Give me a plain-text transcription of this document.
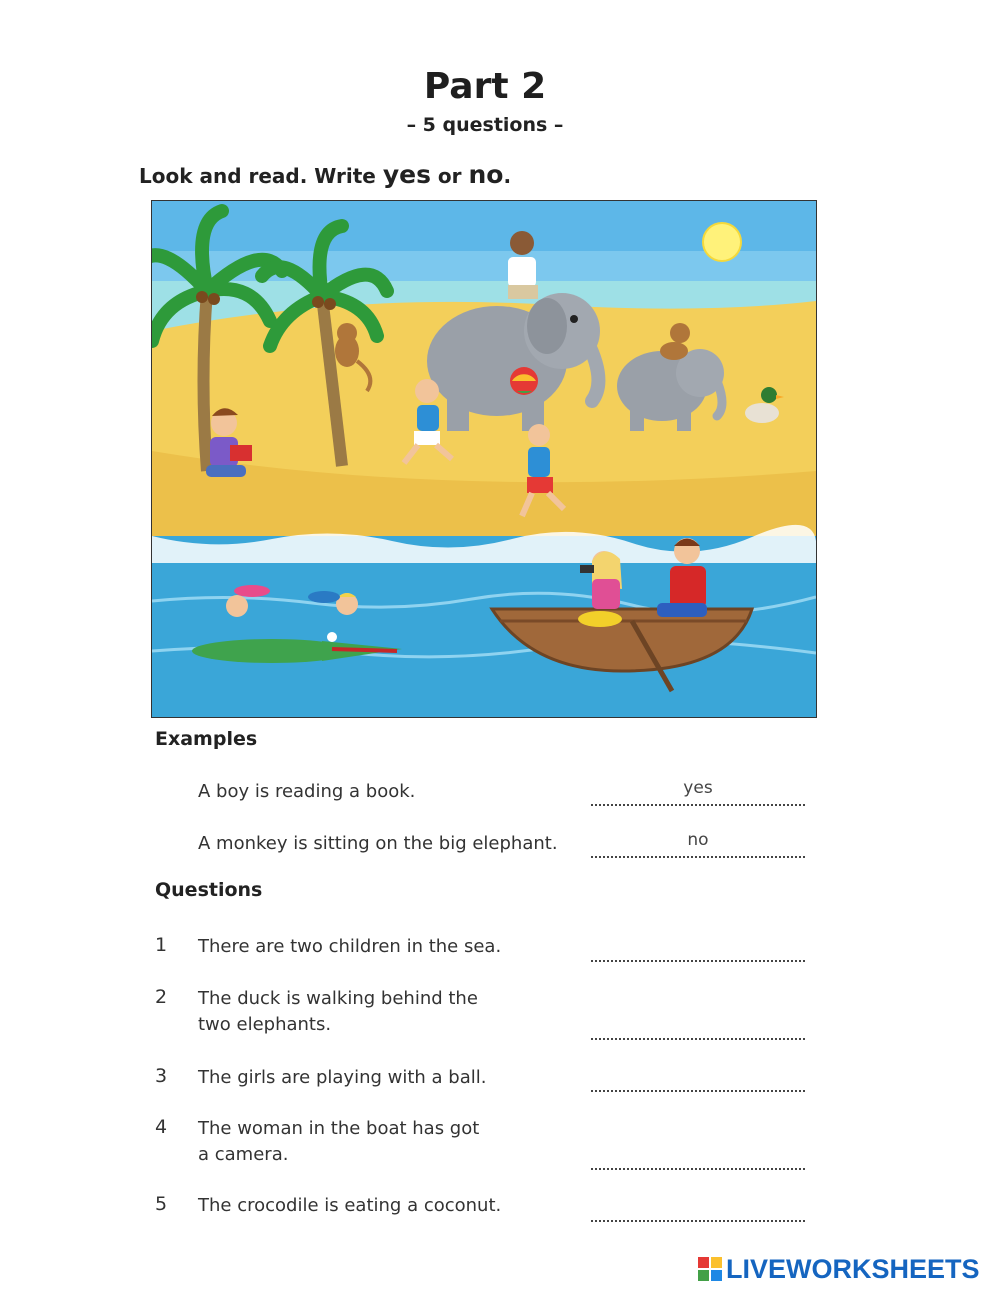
Part 2
– 5 questions –
Look and read. Write yes or no.
Examples
A boy is reading a book.	yes
A monkey is sitting on the big elephant.	no
Questions
1 There are two children in the sea.
2 The duck is walking behind the
two elephants.
3 The girls are playing with a ball.
4 The woman in the boat has got
a camera.
5 The crocodile is eating a coconut.
LIVEWORKSHEETS
